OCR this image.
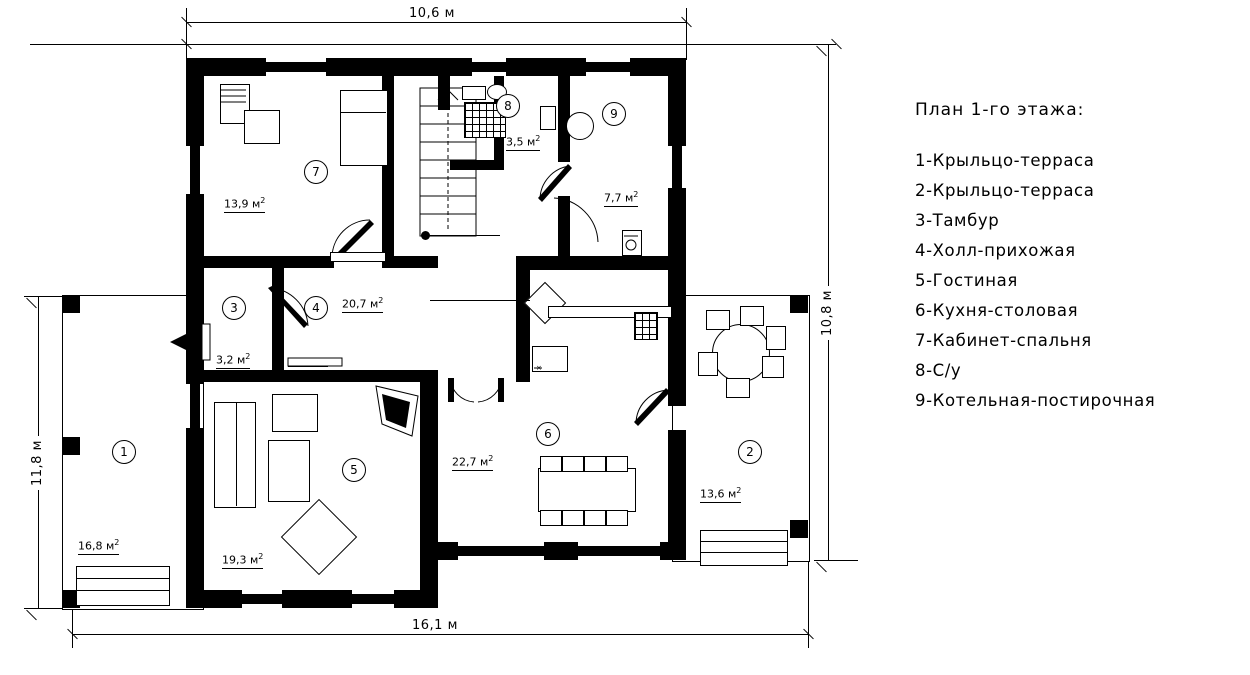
10,6 м
11,8 м
10,8 м
16,1 м
×
1
16,8 $м^2$
2
13,6 $м^2$
3
3,2 $м^2$
4	20,7 $м^2$
5
19,3 $м^2$
6
22,7 $м^2$
7
13,9 $м^2$
8
3,5 $м^2$
9
7,7 $м^2$
План 1-го этажа:
1-Крыльцо-терраса
2-Крыльцо-терраса
3-Тамбур
4-Холл-прихожая
5-Гостиная
6-Кухня-столовая
7-Кабинет-спальня
8-С/у
9-Котельная-постирочная
